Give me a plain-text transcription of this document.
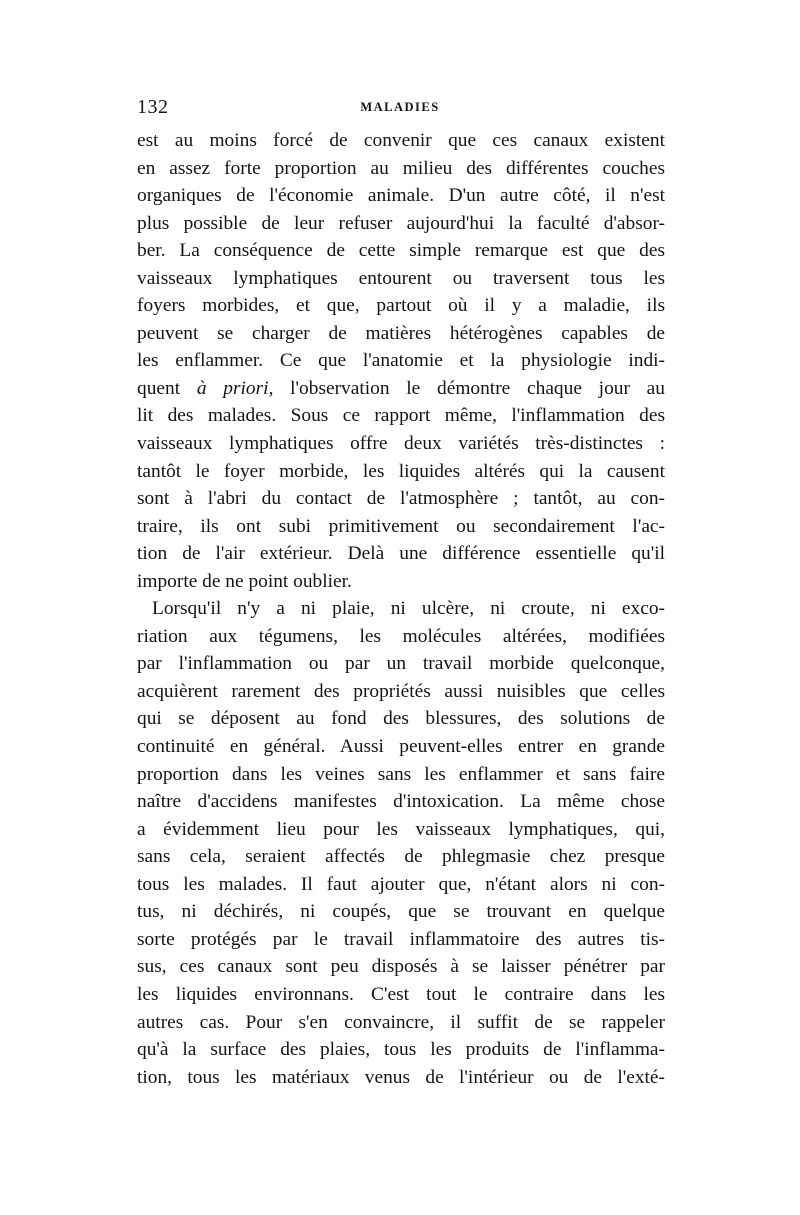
132	MALADIES
est au moins forcé de convenir que ces canaux existent
en assez forte proportion au milieu des différentes couches
organiques de l'économie animale. D'un autre côté, il n'est
plus possible de leur refuser aujourd'hui la faculté d'absor-
ber. La conséquence de cette simple remarque est que des
vaisseaux lymphatiques entourent ou traversent tous les
foyers morbides, et que, partout où il y a maladie, ils
peuvent se charger de matières hétérogènes capables de
les enflammer. Ce que l'anatomie et la physiologie indi-
quent à priori, l'observation le démontre chaque jour au
lit des malades. Sous ce rapport même, l'inflammation des
vaisseaux lymphatiques offre deux variétés très-distinctes :
tantôt le foyer morbide, les liquides altérés qui la causent
sont à l'abri du contact de l'atmosphère ; tantôt, au con-
traire, ils ont subi primitivement ou secondairement l'ac-
tion de l'air extérieur. Delà une différence essentielle qu'il
importe de ne point oublier.
Lorsqu'il n'y a ni plaie, ni ulcère, ni croute, ni exco-
riation aux tégumens, les molécules altérées, modifiées
par l'inflammation ou par un travail morbide quelconque,
acquièrent rarement des propriétés aussi nuisibles que celles
qui se déposent au fond des blessures, des solutions de
continuité en général. Aussi peuvent-elles entrer en grande
proportion dans les veines sans les enflammer et sans faire
naître d'accidens manifestes d'intoxication. La même chose
a évidemment lieu pour les vaisseaux lymphatiques, qui,
sans cela, seraient affectés de phlegmasie chez presque
tous les malades. Il faut ajouter que, n'étant alors ni con-
tus, ni déchirés, ni coupés, que se trouvant en quelque
sorte protégés par le travail inflammatoire des autres tis-
sus, ces canaux sont peu disposés à se laisser pénétrer par
les liquides environnans. C'est tout le contraire dans les
autres cas. Pour s'en convaincre, il suffit de se rappeler
qu'à la surface des plaies, tous les produits de l'inflamma-
tion, tous les matériaux venus de l'intérieur ou de l'exté-
